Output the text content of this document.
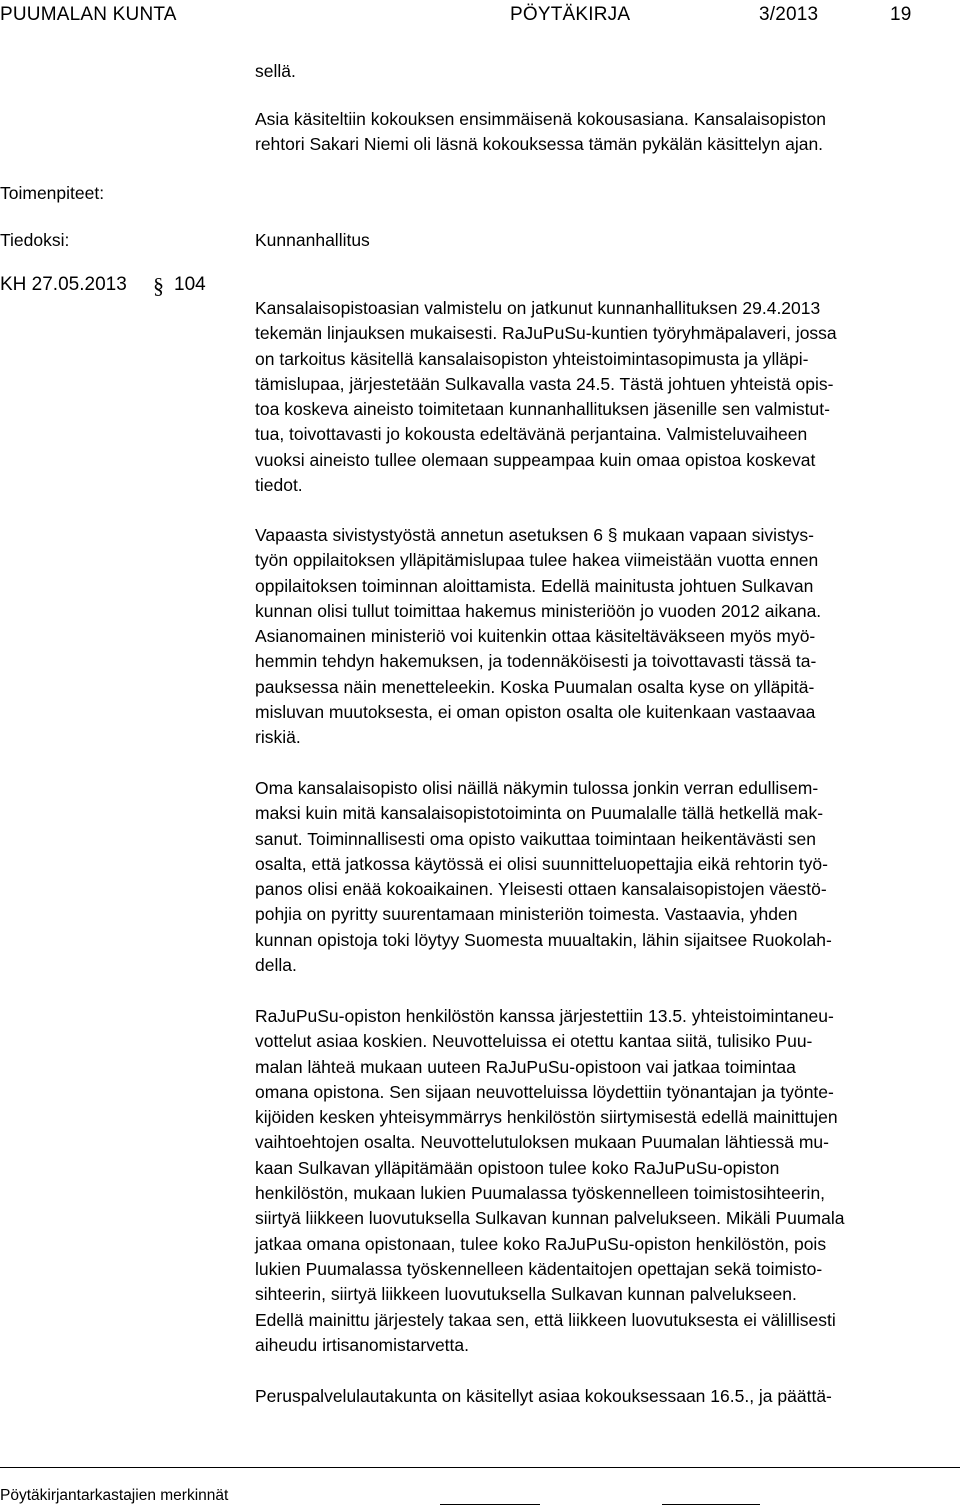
PUUMALAN KUNTA	PÖYTÄKIRJA	3/2013	19
sellä.
Asia käsiteltiin kokouksen ensimmäisenä kokousasiana. Kansalaisopiston
rehtori Sakari Niemi oli läsnä kokouksessa tämän pykälän käsittelyn ajan.
Toimenpiteet:
Tiedoksi:	Kunnanhallitus
KH 27.05.2013 § 104
Kansalaisopistoasian valmistelu on jatkunut kunnanhallituksen 29.4.2013
tekemän linjauksen mukaisesti. RaJuPuSu-kuntien työryhmäpalaveri, jossa
on tarkoitus käsitellä kansalaisopiston yhteistoimintasopimusta ja ylläpi-
tämislupaa, järjestetään Sulkavalla vasta 24.5. Tästä johtuen yhteistä opis-
toa koskeva aineisto toimitetaan kunnanhallituksen jäsenille sen valmistut-
tua, toivottavasti jo kokousta edeltävänä perjantaina. Valmisteluvaiheen
vuoksi aineisto tullee olemaan suppeampaa kuin omaa opistoa koskevat
tiedot.
Vapaasta sivistystyöstä annetun asetuksen 6 § mukaan vapaan sivistys-
työn oppilaitoksen ylläpitämislupaa tulee hakea viimeistään vuotta ennen
oppilaitoksen toiminnan aloittamista. Edellä mainitusta johtuen Sulkavan
kunnan olisi tullut toimittaa hakemus ministeriöön jo vuoden 2012 aikana.
Asianomainen ministeriö voi kuitenkin ottaa käsiteltäväkseen myös myö-
hemmin tehdyn hakemuksen, ja todennäköisesti ja toivottavasti tässä ta-
pauksessa näin menetteleekin. Koska Puumalan osalta kyse on ylläpitä-
misluvan muutoksesta, ei oman opiston osalta ole kuitenkaan vastaavaa
riskiä.
Oma kansalaisopisto olisi näillä näkymin tulossa jonkin verran edullisem-
maksi kuin mitä kansalaisopistotoiminta on Puumalalle tällä hetkellä mak-
sanut. Toiminnallisesti oma opisto vaikuttaa toimintaan heikentävästi sen
osalta, että jatkossa käytössä ei olisi suunnitteluopettajia eikä rehtorin työ-
panos olisi enää kokoaikainen. Yleisesti ottaen kansalaisopistojen väestö-
pohjia on pyritty suurentamaan ministeriön toimesta. Vastaavia, yhden
kunnan opistoja toki löytyy Suomesta muualtakin, lähin sijaitsee Ruokolah-
della.
RaJuPuSu-opiston henkilöstön kanssa järjestettiin 13.5. yhteistoimintaneu-
vottelut asiaa koskien. Neuvotteluissa ei otettu kantaa siitä, tulisiko Puu-
malan lähteä mukaan uuteen RaJuPuSu-opistoon vai jatkaa toimintaa
omana opistona. Sen sijaan neuvotteluissa löydettiin työnantajan ja työnte-
kijöiden kesken yhteisymmärrys henkilöstön siirtymisestä edellä mainittujen
vaihtoehtojen osalta. Neuvottelutuloksen mukaan Puumalan lähtiessä mu-
kaan Sulkavan ylläpitämään opistoon tulee koko RaJuPuSu-opiston
henkilöstön, mukaan lukien Puumalassa työskennelleen toimistosihteerin,
siirtyä liikkeen luovutuksella Sulkavan kunnan palvelukseen. Mikäli Puumala
jatkaa omana opistonaan, tulee koko RaJuPuSu-opiston henkilöstön, pois
lukien Puumalassa työskennelleen kädentaitojen opettajan sekä toimisto-
sihteerin, siirtyä liikkeen luovutuksella Sulkavan kunnan palvelukseen.
Edellä mainittu järjestely takaa sen, että liikkeen luovutuksesta ei välillisesti
aiheudu irtisanomistarvetta.
Peruspalvelulautakunta on käsitellyt asiaa kokouksessaan 16.5., ja päättä-
Pöytäkirjantarkastajien merkinnät
